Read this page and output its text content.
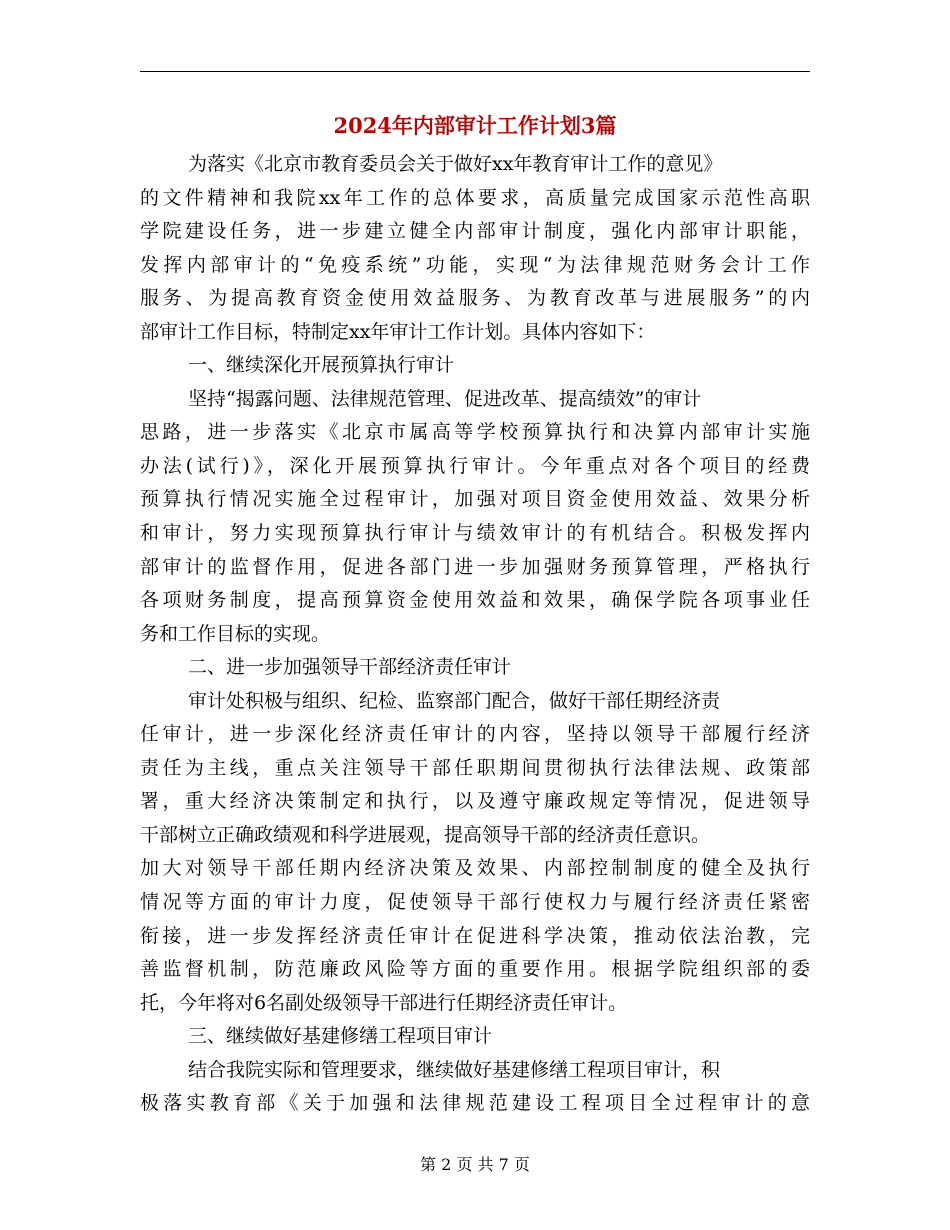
2024年内部审计工作计划3篇
为落实《北京市教育委员会关于做好xx年教育审计工作的意见》
的文件精神和我院xx年工作的总体要求，高质量完成国家示范性高职
学院建设任务，进一步建立健全内部审计制度，强化内部审计职能，
发挥内部审计的“免疫系统”功能，实现“为法律规范财务会计工作
服务、为提高教育资金使用效益服务、为教育改革与进展服务”的内
部审计工作目标，特制定xx年审计工作计划。具体内容如下：
一、继续深化开展预算执行审计
坚持“揭露问题、法律规范管理、促进改革、提高绩效”的审计
思路，进一步落实《北京市属高等学校预算执行和决算内部审计实施
办法(试行)》，深化开展预算执行审计。今年重点对各个项目的经费
预算执行情况实施全过程审计，加强对项目资金使用效益、效果分析
和审计，努力实现预算执行审计与绩效审计的有机结合。积极发挥内
部审计的监督作用，促进各部门进一步加强财务预算管理，严格执行
各项财务制度，提高预算资金使用效益和效果，确保学院各项事业任
务和工作目标的实现。
二、进一步加强领导干部经济责任审计
审计处积极与组织、纪检、监察部门配合，做好干部任期经济责
任审计，进一步深化经济责任审计的内容，坚持以领导干部履行经济
责任为主线，重点关注领导干部任职期间贯彻执行法律法规、政策部
署，重大经济决策制定和执行，以及遵守廉政规定等情况，促进领导
干部树立正确政绩观和科学进展观，提高领导干部的经济责任意识。
加大对领导干部任期内经济决策及效果、内部控制制度的健全及执行
情况等方面的审计力度，促使领导干部行使权力与履行经济责任紧密
衔接，进一步发挥经济责任审计在促进科学决策，推动依法治教，完
善监督机制，防范廉政风险等方面的重要作用。根据学院组织部的委
托，今年将对6名副处级领导干部进行任期经济责任审计。
三、继续做好基建修缮工程项目审计
结合我院实际和管理要求，继续做好基建修缮工程项目审计，积
极落实教育部《关于加强和法律规范建设工程项目全过程审计的意
第 2 页 共 7 页
